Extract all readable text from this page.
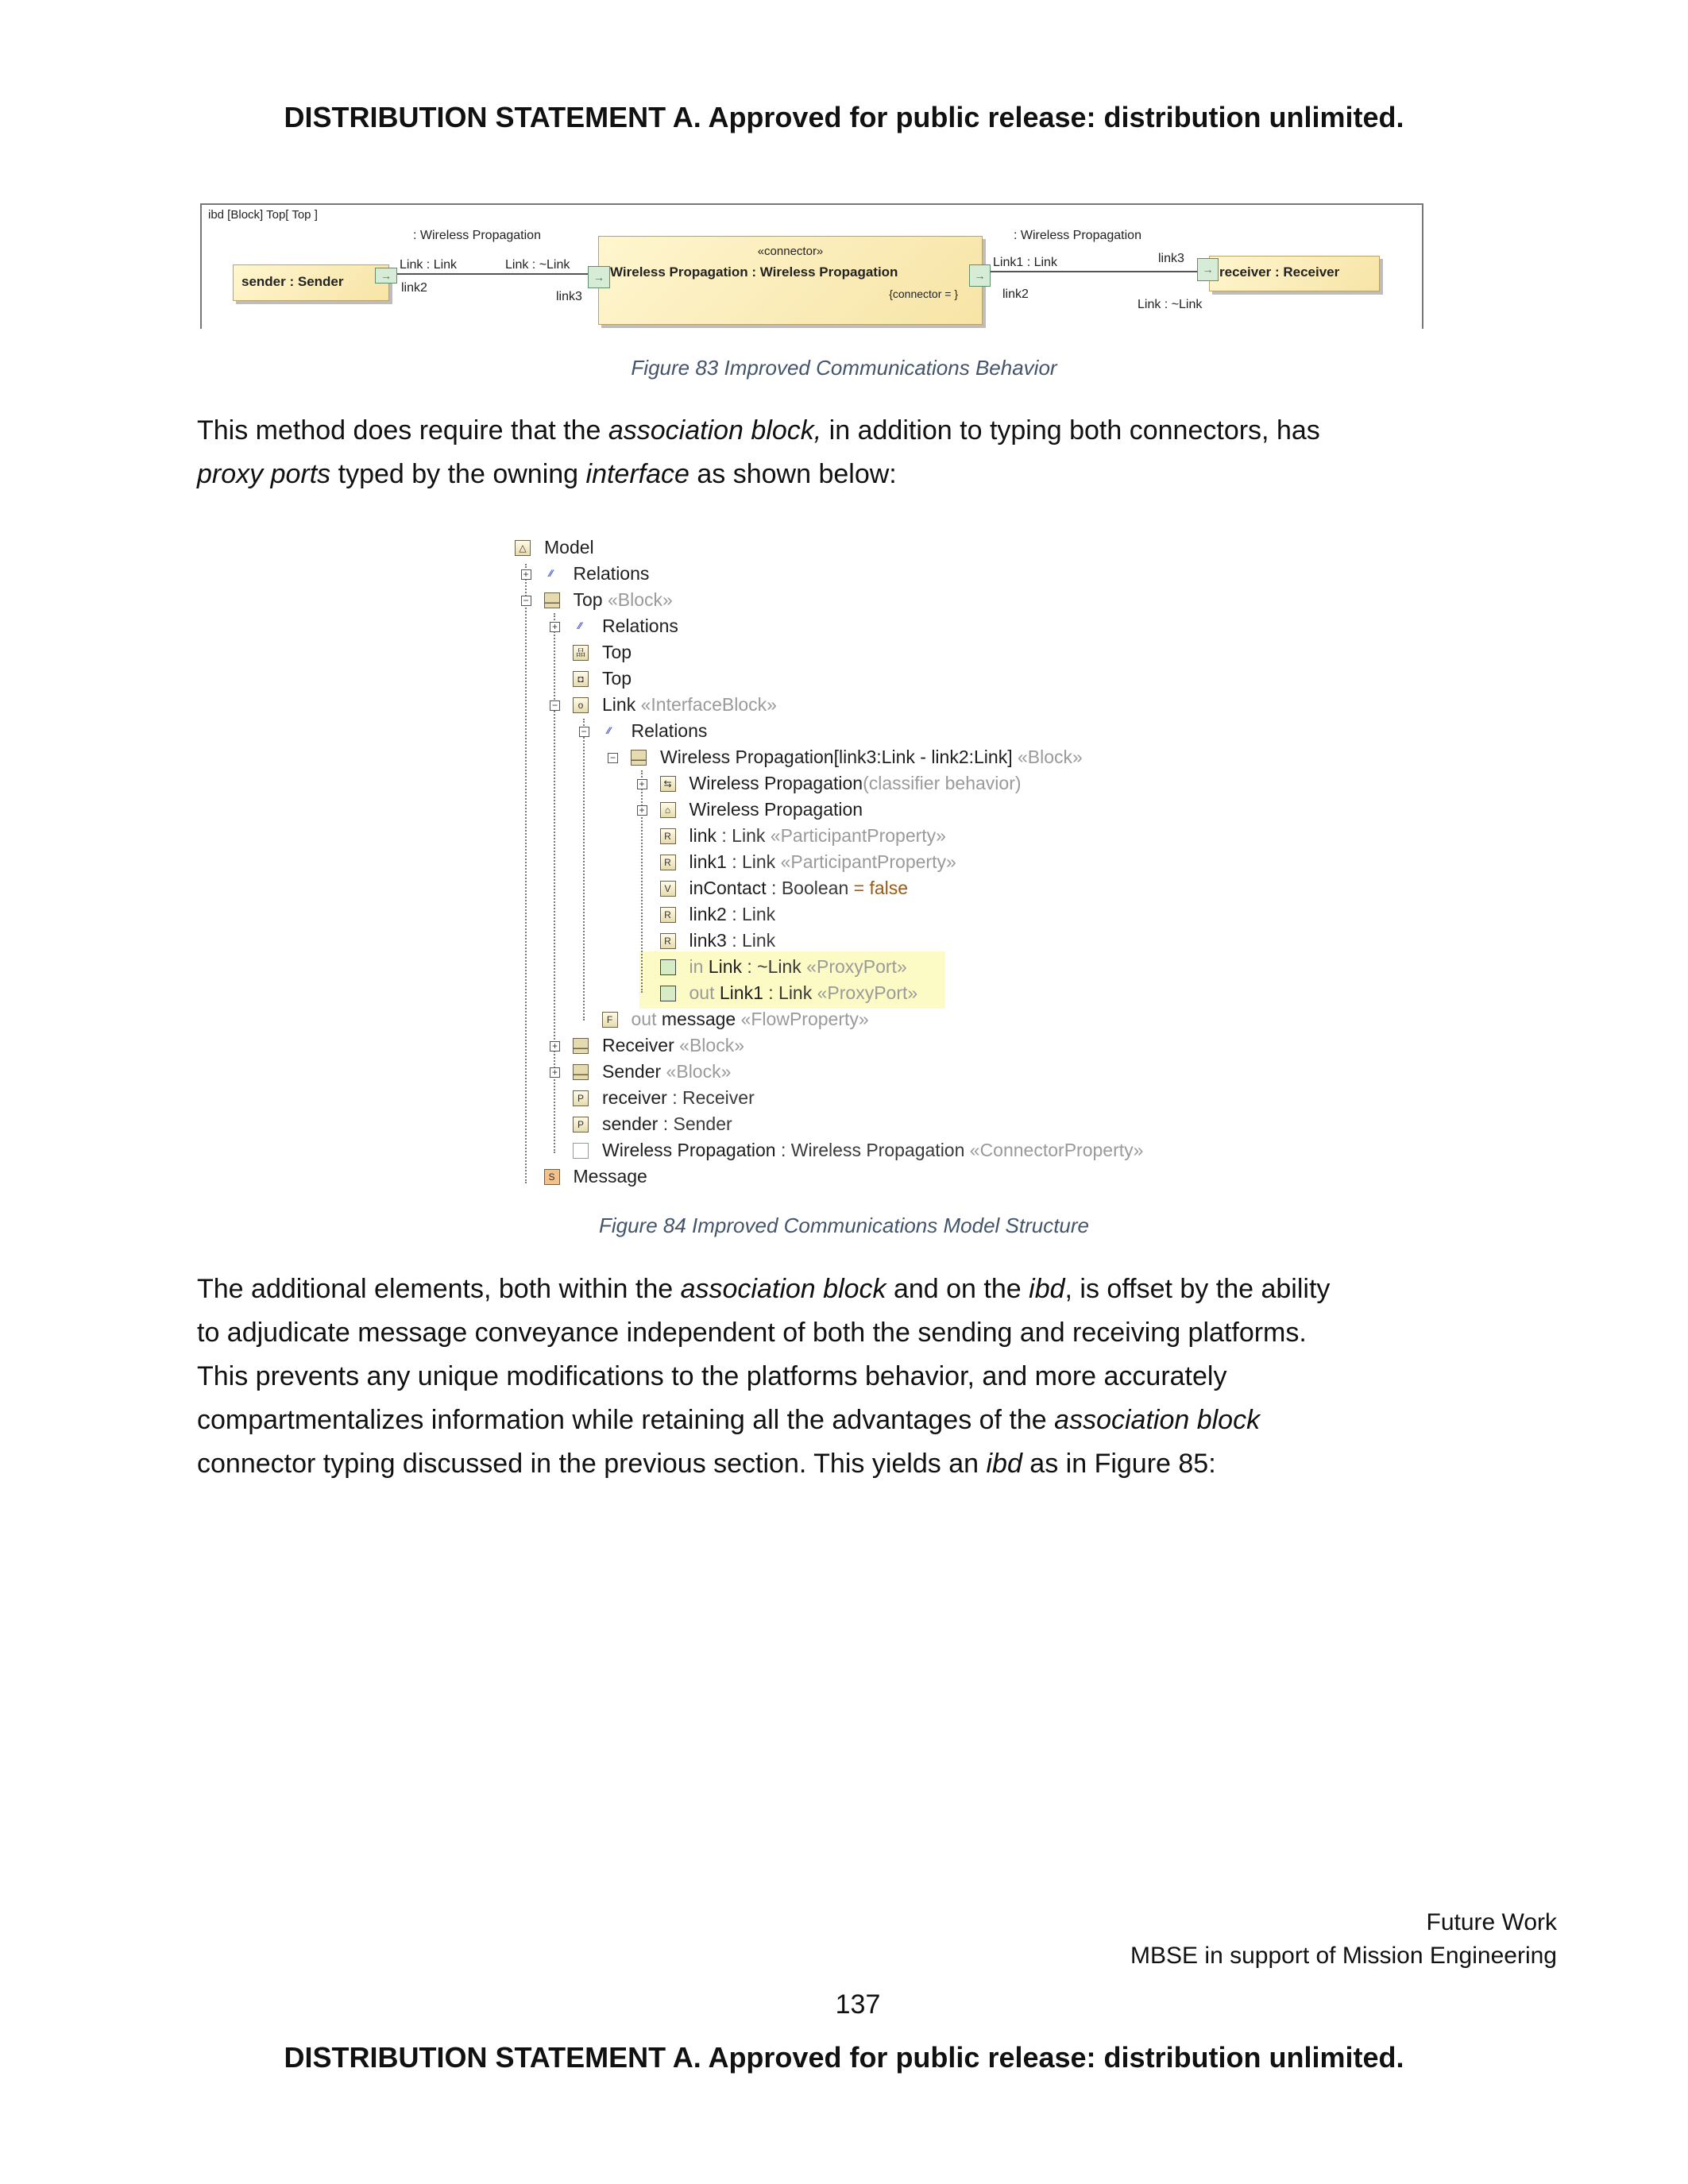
DISTRIBUTION STATEMENT A. Approved for public release: distribution unlimited.
ibd [Block] Top[ Top ]
sender : Sender	→
«connector»
Wireless Propagation : Wireless Propagation
{connector = }
→	→	receiver : Receiver
→
: Wireless Propagation	: Wireless Propagation
Link : Link
link2
Link : ~Link
link3
Link1 : Link
link2
link3
Link : ~Link
Figure 83 Improved Communications Behavior
This method does require that the association block, in addition to typing both connectors, has
proxy ports typed by the owning interface as shown below:
△ Model
+	⁄⁄	Relations
− Top «Block»
+	⁄⁄	Relations
品 Top
◘ Top
−	o Link «InterfaceBlock»
−	⁄⁄	Relations
− Wireless Propagation[link3:Link - link2:Link] «Block»
+	⇆ Wireless Propagation(classifier behavior)
+	⌂ Wireless Propagation
R link : Link «ParticipantProperty»
R link1 : Link «ParticipantProperty»
V inContact : Boolean = false
R link2 : Link
R link3 : Link
in Link : ~Link «ProxyPort»
out Link1 : Link «ProxyPort»
F out message «FlowProperty»
+ Receiver «Block»
+ Sender «Block»
P receiver : Receiver
P sender : Sender
Wireless Propagation : Wireless Propagation «ConnectorProperty»
S Message
Figure 84 Improved Communications Model Structure
The additional elements, both within the association block and on the ibd, is offset by the ability
to adjudicate message conveyance independent of both the sending and receiving platforms.
This prevents any unique modifications to the platforms behavior, and more accurately
compartmentalizes information while retaining all the advantages of the association block
connector typing discussed in the previous section. This yields an ibd as in Figure 85:
Future Work
MBSE in support of Mission Engineering
137
DISTRIBUTION STATEMENT A. Approved for public release: distribution unlimited.
